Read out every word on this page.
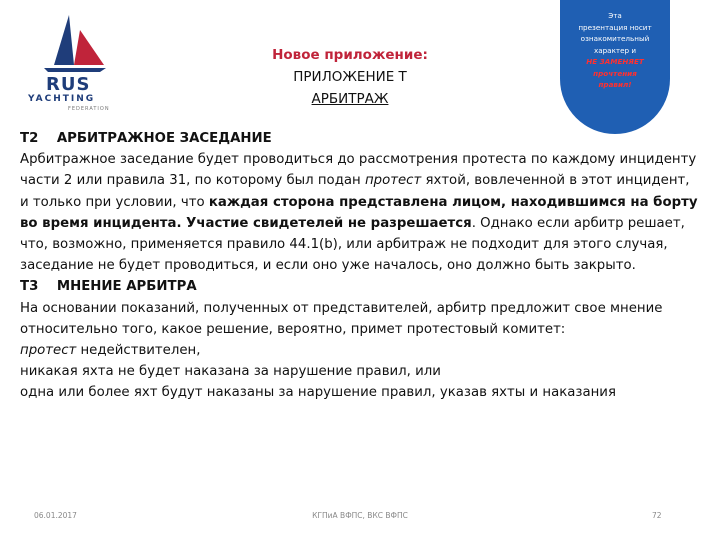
RUS
YACHTING
FEDERATION
Новое приложение:
ПРИЛОЖЕНИЕ Т
АРБИТРАЖ
Эта
презентация носит
ознакомительный
характер и
НЕ ЗАМЕНЯЕТ
прочтения
правил!

Т2    АРБИТРАЖНОЕ ЗАСЕДАНИЕ

Арбитражное заседание будет проводиться до рассмотрения протеста по каждому инциденту части 2 или правила 31, по которому был подан протест яхтой, вовлеченной в этот инцидент, и только при условии, что каждая сторона представлена лицом, находившимся на борту во время инцидента. Участие свидетелей не разрешается. Однако если арбитр решает, что, возможно, применяется правило 44.1(b), или арбитраж не подходит для этого случая, заседание не будет проводиться, и если оно уже началось, оно должно быть закрыто.

Т3    МНЕНИЕ АРБИТРА

На основании показаний, полученных от представителей, арбитр предложит свое мнение относительно того, какое решение, вероятно, примет протестовый комитет:

протест недействителен,

никакая яхта не будет наказана за нарушение правил, или

одна или более яхт будут наказаны за нарушение правил, указав яхты и наказания

06.01.2017	КГПиА ВФПС, ВКС ВФПС	72
